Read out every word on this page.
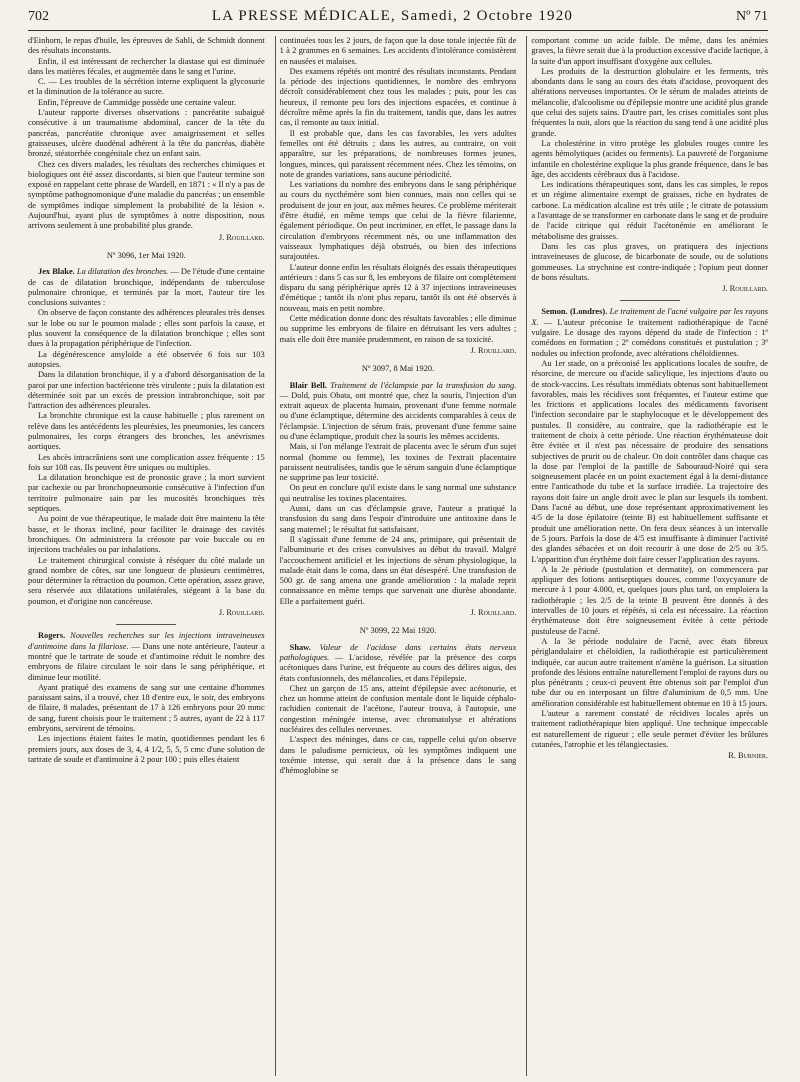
702	LA PRESSE MÉDICALE, Samedi, 2 Octobre 1920	Nº 71

d'Einhorn, le repas d'huile, les épreuves de Sahli, de Schmidt donnent des résultats inconstants.

Enfin, il est intéressant de rechercher la diastase qui est diminuée dans les matières fécales, et augmentée dans le sang et l'urine.

C. — Les troubles de la sécrétion interne expliquent la glycosurie et la diminution de la tolérance au sucre.

Enfin, l'épreuve de Cammidge possède une certaine valeur.

L'auteur rapporte diverses observations : pancréatite subaiguë consécutive à un traumatisme abdominal, cancer de la tête du pancréas, pancréatite chronique avec amaigrissement et selles graisseuses, ulcère duodénal adhérent à la tête du pancréas, diabète bronzé, stéatorrhée congénitale chez un enfant sain.

Chez ces divers malades, les résultats des recherches chimiques et biologiques ont été assez discordants, si bien que l'auteur termine son exposé en rappelant cette phrase de Wardell, en 1871 : « Il n'y a pas de symptôme pathognomonique d'une maladie du pancréas ; un ensemble de symptômes indique simplement la probabilité de la lésion ». Aujourd'hui, ayant plus de symptômes à notre disposition, nous arrivons seulement à une probabilité plus grande.

J. Rouillard.
Nº 3096, 1er Mai 1920.

Jex Blake. La dilatation des bronches. — De l'étude d'une centaine de cas de dilatation bronchique, indépendants de tuberculose pulmonaire chronique, et terminés par la mort, l'auteur tire les conclusions suivantes :

On observe de façon constante des adhérences pleurales très denses sur le lobe ou sur le poumon malade ; elles sont parfois la cause, et plus souvent la conséquence de la dilatation bronchique ; elles sont dues à la propagation périphérique de l'infection.

La dégénérescence amyloïde a été observée 6 fois sur 103 autopsies.

Dans la dilatation bronchique, il y a d'abord désorganisation de la paroi par une infection bactérienne très virulente ; puis la dilatation est déterminée soit par un excès de pression intrabronchique, soit par l'attraction des adhérences pleurales.

La bronchite chronique est la cause habituelle ; plus rarement on relève dans les antécédents les pleurésies, les pneumonies, les cancers pulmonaires, les corps étrangers des bronches, les anévrismes aortiques.

Les abcès intracrâniens sont une complication assez fréquente : 15 fois sur 108 cas. Ils peuvent être uniques ou multiples.

La dilatation bronchique est de pronostic grave ; la mort survient par cachexie ou par bronchopneumonie consécutive à l'infection d'un territoire pulmonaire sain par les mucosités bronchiques très septiques.

Au point de vue thérapeutique, le malade doit être maintenu la tête basse, et le thorax incliné, pour faciliter le drainage des cavités bronchiques. On administrera la créosote par voie buccale ou en injections trachéales ou par inhalations.

Le traitement chirurgical consiste à réséquer du côté malade un grand nombre de côtes, sur une longueur de plusieurs centimètres, pour déterminer la rétraction du poumon. Cette opération, assez grave, sera réservée aux dilatations unilatérales, siégeant à la base du poumon, et d'origine non cancéreuse.

J. Rouillard.

Rogers. Nouvelles recherches sur les injections intraveineuses d'antimoine dans la filariose. — Dans une note antérieure, l'auteur a montré que le tartrate de soude et d'antimoine réduit le nombre des embryons de filaire circulant le soir dans le sang périphérique, et diminue leur motilité.

Ayant pratiqué des examens de sang sur une centaine d'hommes paraissant sains, il a trouvé, chez 18 d'entre eux, le soir, des embryons de filaire, 8 malades, présentant de 17 à 126 embryons pour 20 mmc de sang, furent choisis pour le traitement ; 5 autres, ayant de 22 à 117 embryons, servirent de témoins.

Les injections étaient faites le matin, quotidiennes pendant les 6 premiers jours, aux doses de 3, 4, 4 1/2, 5, 5, 5 cmc d'une solution de tartrate de soude et d'antimoine à 2 pour 100 ; puis elles étaient

continuées tous les 2 jours, de façon que la dose totale injectée fût de 1 à 2 grammes en 6 semaines. Les accidents d'intolérance consistèrent en nausées et malaises.

Des examens répétés ont montré des résultats inconstants. Pendant la période des injections quotidiennes, le nombre des embryons décroît considérablement chez tous les malades ; puis, pour les cas heureux, il remonte peu lors des injections espacées, et continue à décroître même après la fin du traitement, tandis que, dans les autres cas, il remonte au taux initial.

Il est probable que, dans les cas favorables, les vers adultes femelles ont été détruits ; dans les autres, au contraire, on voit apparaître, sur les préparations, de nombreuses formes jeunes, longues, minces, qui paraissent récemment nées. Chez les témoins, on note de grandes variations, sans aucune périodicité.

Les variations du nombre des embryons dans le sang périphérique au cours du nycthémère sont bien connues, mais non celles qui se produisent de jour en jour, aux mêmes heures. Ce problème mériterait d'être étudié, en même temps que celui de la fièvre filarienne, également périodique. On peut incriminer, en effet, le passage dans la circulation d'embryons récemment nés, ou une inflammation des vaisseaux lymphatiques déjà obstrués, ou bien des infections surajoutées.

L'auteur donne enfin les résultats éloignés des essais thérapeutiques antérieurs : dans 5 cas sur 8, les embryons de filaire ont complètement disparu du sang périphérique après 12 à 37 injections intraveineuses d'émétique ; tantôt ils n'ont plus reparu, tantôt ils ont été observés à nouveau, mais en petit nombre.

Cette médication donne donc des résultats favorables ; elle diminue ou supprime les embryons de filaire en détruisant les vers adultes ; mais elle doit être maniée prudemment, en raison de sa toxicité.

J. Rouillard.
Nº 3097, 8 Mai 1920.

Blair Bell. Traitement de l'éclampsie par la transfusion du sang. — Dold, puis Obata, ont montré que, chez la souris, l'injection d'un extrait aqueux de placenta humain, provenant d'une femme normale ou d'une éclamptique, détermine des accidents comparables à ceux de l'éclampsie. L'injection de sérum frais, provenant d'une femme saine ou d'une éclamptique, produit chez la souris les mêmes accidents.

Mais, si l'on mélange l'extrait de placenta avec le sérum d'un sujet normal (homme ou femme), les toxines de l'extrait placentaire paraissent neutralisées, tandis que le sérum sanguin d'une éclamptique ne supprime pas leur toxicité.

On peut en conclure qu'il existe dans le sang normal une substance qui neutralise les toxines placentaires.

Aussi, dans un cas d'éclampsie grave, l'auteur a pratiqué la transfusion du sang dans l'espoir d'introduire une antitoxine dans le sang maternel ; le résultat fut satisfaisant.

Il s'agissait d'une femme de 24 ans, primipare, qui présentait de l'albuminurie et des crises convulsives au début du travail. Malgré l'accouchement artificiel et les injections de sérum physiologique, la malade était dans le coma, dans un état désespéré. Une transfusion de 500 gr. de sang amena une grande amélioration : la malade reprit connaissance en même temps que survenait une diurèse abondante. Elle a parfaitement guéri.

J. Rouillard.
Nº 3099, 22 Mai 1920.

Shaw. Valeur de l'acidose dans certains états nerveux pathologiques. — L'acidose, révélée par la présence des corps acétoniques dans l'urine, est fréquente au cours des délires aigus, des états confusionnels, des mélancolies, et dans l'épilepsie.

Chez un garçon de 15 ans, atteint d'épilepsie avec acétonurie, et chez un homme atteint de confusion mentale dont le liquide céphalo-rachidien contenait de l'acétone, l'auteur trouva, à l'autopsie, une congestion méningée intense, avec chromatolyse et altérations nucléaires des cellules nerveuses.

L'aspect des méninges, dans ce cas, rappelle celui qu'on observe dans le paludisme pernicieux, où les symptômes indiquent une toxémie intense, qui serait due à la présence dans le sang d'hémoglobine se

comportant comme un acide faible. De même, dans les anémies graves, la fièvre serait due à la production excessive d'acide lactique, à la suite d'un apport insuffisant d'oxygène aux cellules.

Les produits de la destruction globulaire et les ferments, très abondants dans le sang au cours des états d'acidose, provoquent des altérations nerveuses importantes. Or le sérum de malades atteints de mélancolie, d'alcoolisme ou d'épilepsie montre une acidité plus grande que celui des sujets sains. D'autre part, les crises comitiales sont plus fréquentes la nuit, alors que la réaction du sang tend à une acidité plus grande.

La cholestérine in vitro protège les globules rouges contre les agents hémolytiques (acides ou ferments). La pauvreté de l'organisme infantile en cholestérine explique la plus grande fréquence, dans le bas âge, des accidents cérébraux dus à l'acidose.

Les indications thérapeutiques sont, dans les cas simples, le repos et un régime alimentaire exempt de graisses, riche en hydrates de carbone. La médication alcaline est très utile ; le citrate de potassium a l'avantage de se transformer en carbonate dans le sang et de produire de l'acide citrique qui réduit l'acétonémie en améliorant le métabolisme des graisses.

Dans les cas plus graves, on pratiquera des injections intraveineuses de glucose, de bicarbonate de soude, ou de solutions gommeuses. La strychnine est contre-indiquée ; l'opium peut donner de bons résultats.

J. Rouillard.

Semon. (Londres). Le traitement de l'acné vulgaire par les rayons X. — L'auteur préconise le traitement radiothérapique de l'acné vulgaire. Le dosage des rayons dépend du stade de l'infection : 1º comédons en formation ; 2º comédons constitués et pustulation ; 3º nodules ou infection profonde, avec altérations chéloïdiennes.

Au 1er stade, on a préconisé les applications locales de soufre, de résorcine, de mercure ou d'acide salicylique, les injections d'auto ou de stock-vaccins. Les résultats immédiats obtenus sont habituellement favorables, mais les récidives sont fréquentes, et l'auteur estime que les frictions et applications locales des médicaments favorisent l'infection secondaire par le staphylocoque et le développement des pustules. Il considère, au contraire, que la radiothérapie est le traitement de choix à cette période. Une réaction érythémateuse doit être évitée et il n'est pas nécessaire de produire des sensations subjectives de prurit ou de chaleur. On doit contrôler dans chaque cas la dose par l'emploi de la pastille de Sabouraud-Noiré qui sera soigneusement placée en un point exactement égal à la demi-distance entre l'anticathode du tube et la surface irradiée. La trajectoire des rayons doit faire un angle droit avec le plan sur lesquels ils tombent. Dans l'acné au début, une dose représentant approximativement les 4/5 de la dose épilatoire (teinte B) est habituellement suffisante et produit une amélioration nette. On fera deux séances à un intervalle de 5 jours. Parfois la dose de 4/5 est insuffisante à diminuer l'activité des glandes sébacées et on doit recourir à une dose de 2/5 ou 3/5. L'apparition d'un érythème doit faire cesser l'application des rayons.

A la 2e période (pustulation et dermatite), on commencera par appliquer des lotions antiseptiques douces, comme l'oxycyanure de mercure à 1 pour 4.000, et, quelques jours plus tard, on emploiera la radiothérapie ; les 2/5 de la teinte B peuvent être donnés à des intervalles de 10 jours et répétés, si cela est nécessaire. La réaction érythémateuse doit être soigneusement évitée à cette période pustuleuse de l'acné.

A la 3e période nodulaire de l'acné, avec états fibreux périglandulaire et chéloïdien, la radiothérapie est particulièrement indiquée, car aucun autre traitement n'amène la guérison. La situation profonde des lésions entraîne naturellement l'emploi de rayons durs ou plus pénétrants ; ceux-ci peuvent être obtenus soit par l'emploi d'un tube dur ou en interposant un filtre d'aluminium de 0,5 mm. Une amélioration considérable est habituellement obtenue en 10 à 15 jours.

L'auteur a rarement constaté de récidives locales après un traitement radiothérapique bien appliqué. Une technique impeccable est naturellement de rigueur ; elle seule permet d'éviter les brûlures cutanées, l'atrophie et les télangiectasies.

R. Burnier.
